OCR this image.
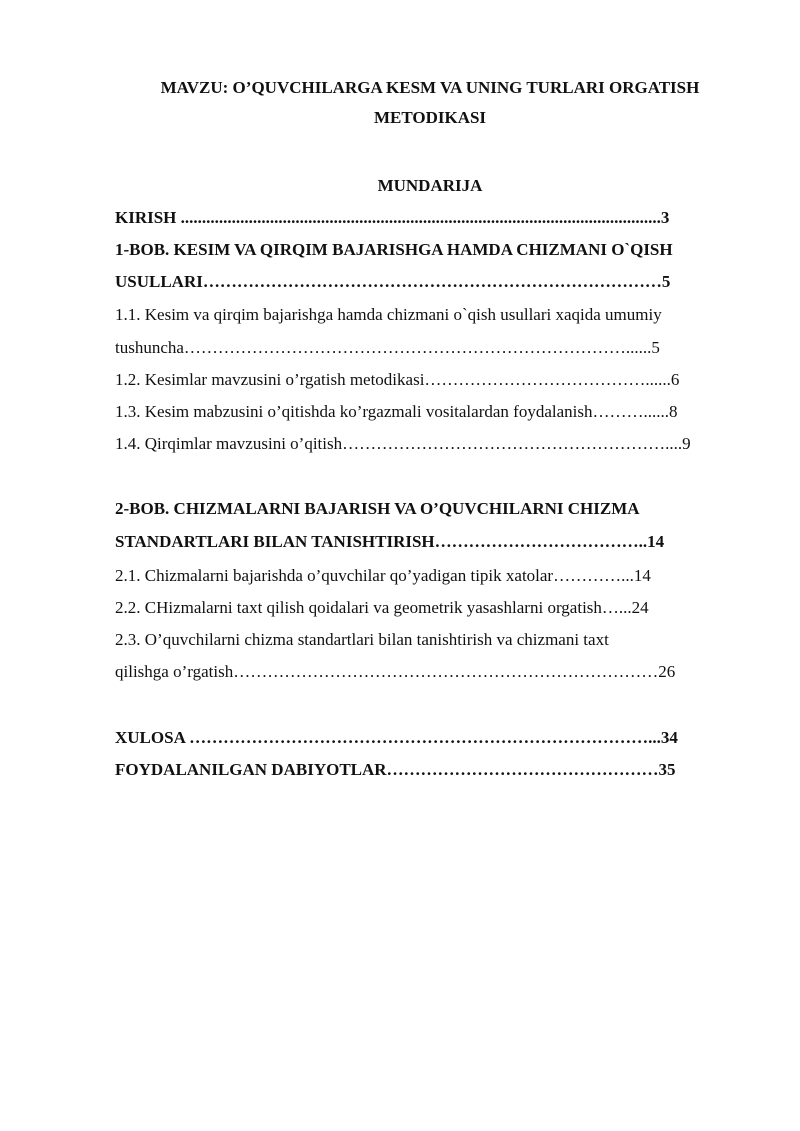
MAVZU: O’QUVCHILARGA KESM VA UNING TURLARI ORGATISH
METODIKASI
MUNDARIJA
KIRISH .................................................................................................................3
1-BOB. KESIM VA QIRQIM BAJARISHGA HAMDA CHIZMANI O`QISH
USULLARI………………………………………………………………………5
1.1. Kesim va qirqim bajarishga hamda chizmani o`qish usullari xaqida umumiy
tushuncha……………………………………………………………………......5
1.2. Kesimlar mavzusini o’rgatish metodikasi…………………………………......6
1.3. Kesim mabzusini o’qitishda ko’rgazmali vositalardan foydalanish………......8
1.4. Qirqimlar mavzusini o’qitish…………………………………………………....9
2-BOB. CHIZMALARNI BAJARISH VA O’QUVCHILARNI CHIZMA
STANDARTLARI BILAN TANISHTIRISH………………………………..14
2.1. Chizmalarni bajarishda o’quvchilar qo’yadigan tipik xatolar…………...14
2.2. CHizmalarni taxt qilish qoidalari va geometrik yasashlarni orgatish…...24
2.3. O’quvchilarni chizma standartlari bilan tanishtirish va chizmani taxt
qilishga o’rgatish…………………………………………………………………26
XULOSA ………………………………………………………………………...34
FOYDALANILGAN DABIYOTLAR…………………………………………35
